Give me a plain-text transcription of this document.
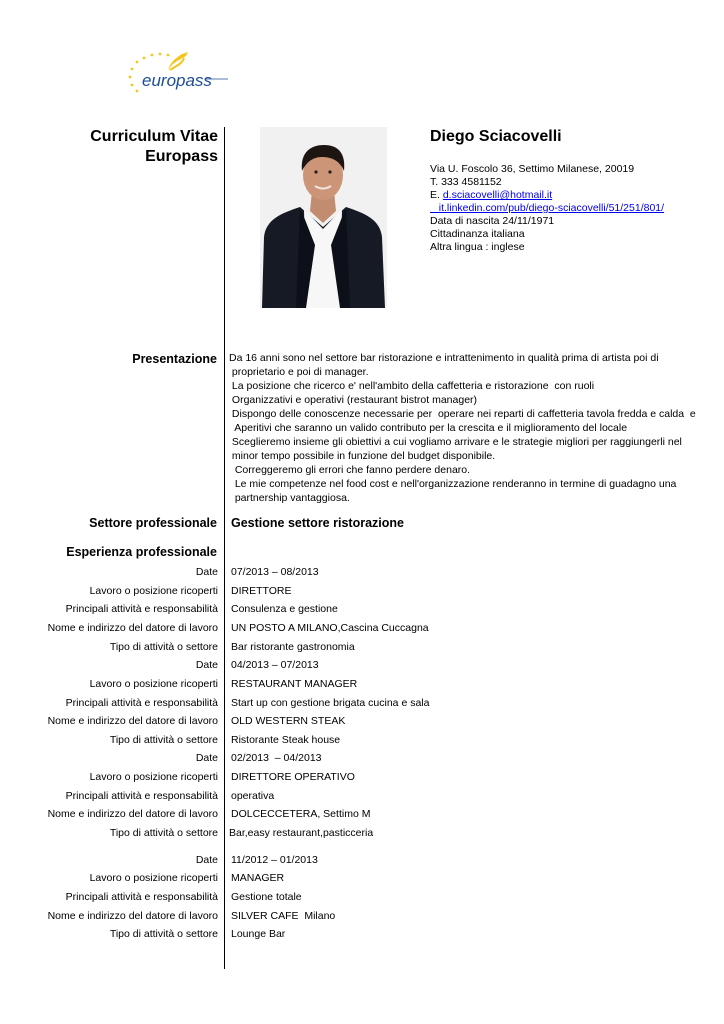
europass
Curriculum Vitae
Europass
Diego Sciacovelli
Via U. Foscolo 36, Settimo Milanese, 20019
T. 333 4581152
E. d.sciacovelli@hotmail.it
it.linkedin.com/pub/diego-sciacovelli/51/251/801/
Data di nascita 24/11/1971
Cittadinanza italiana
Altra lingua : inglese
Presentazione Da 16 anni sono nel settore bar ristorazione e intrattenimento in qualità prima di artista poi di
proprietario e poi di manager.
La posizione che ricerco e' nell'ambito della caffetteria e ristorazione  con ruoli
Organizzativi e operativi (restaurant bistrot manager)
Dispongo delle conoscenze necessarie per  operare nei reparti di caffetteria tavola fredda e calda  e
Aperitivi che saranno un valido contributo per la crescita e il miglioramento del locale
Sceglieremo insieme gli obiettivi a cui vogliamo arrivare e le strategie migliori per raggiungerli nel
minor tempo possibile in funzione del budget disponibile.
Correggeremo gli errori che fanno perdere denaro.
Le mie competenze nel food cost e nell'organizzazione renderanno in termine di guadagno una
partnership vantaggiosa.
Settore professionale Gestione settore ristorazione
Esperienza professionale
Date 07/2013 – 08/2013
Lavoro o posizione ricoperti DIRETTORE
Principali attività e responsabilità Consulenza e gestione
Nome e indirizzo del datore di lavoro UN POSTO A MILANO,Cascina Cuccagna
Tipo di attività o settore Bar ristorante gastronomia
Date 04/2013 – 07/2013
Lavoro o posizione ricoperti RESTAURANT MANAGER
Principali attività e responsabilità Start up con gestione brigata cucina e sala
Nome e indirizzo del datore di lavoro OLD WESTERN STEAK
Tipo di attività o settore Ristorante Steak house
Date 02/2013  – 04/2013
Lavoro o posizione ricoperti DIRETTORE OPERATIVO
Principali attività e responsabilità operativa
Nome e indirizzo del datore di lavoro DOLCECCETERA, Settimo M
Tipo di attività o settore Bar,easy restaurant,pasticceria
Date 11/2012 – 01/2013
Lavoro o posizione ricoperti MANAGER
Principali attività e responsabilità Gestione totale
Nome e indirizzo del datore di lavoro SILVER CAFE  Milano
Tipo di attività o settore Lounge Bar
